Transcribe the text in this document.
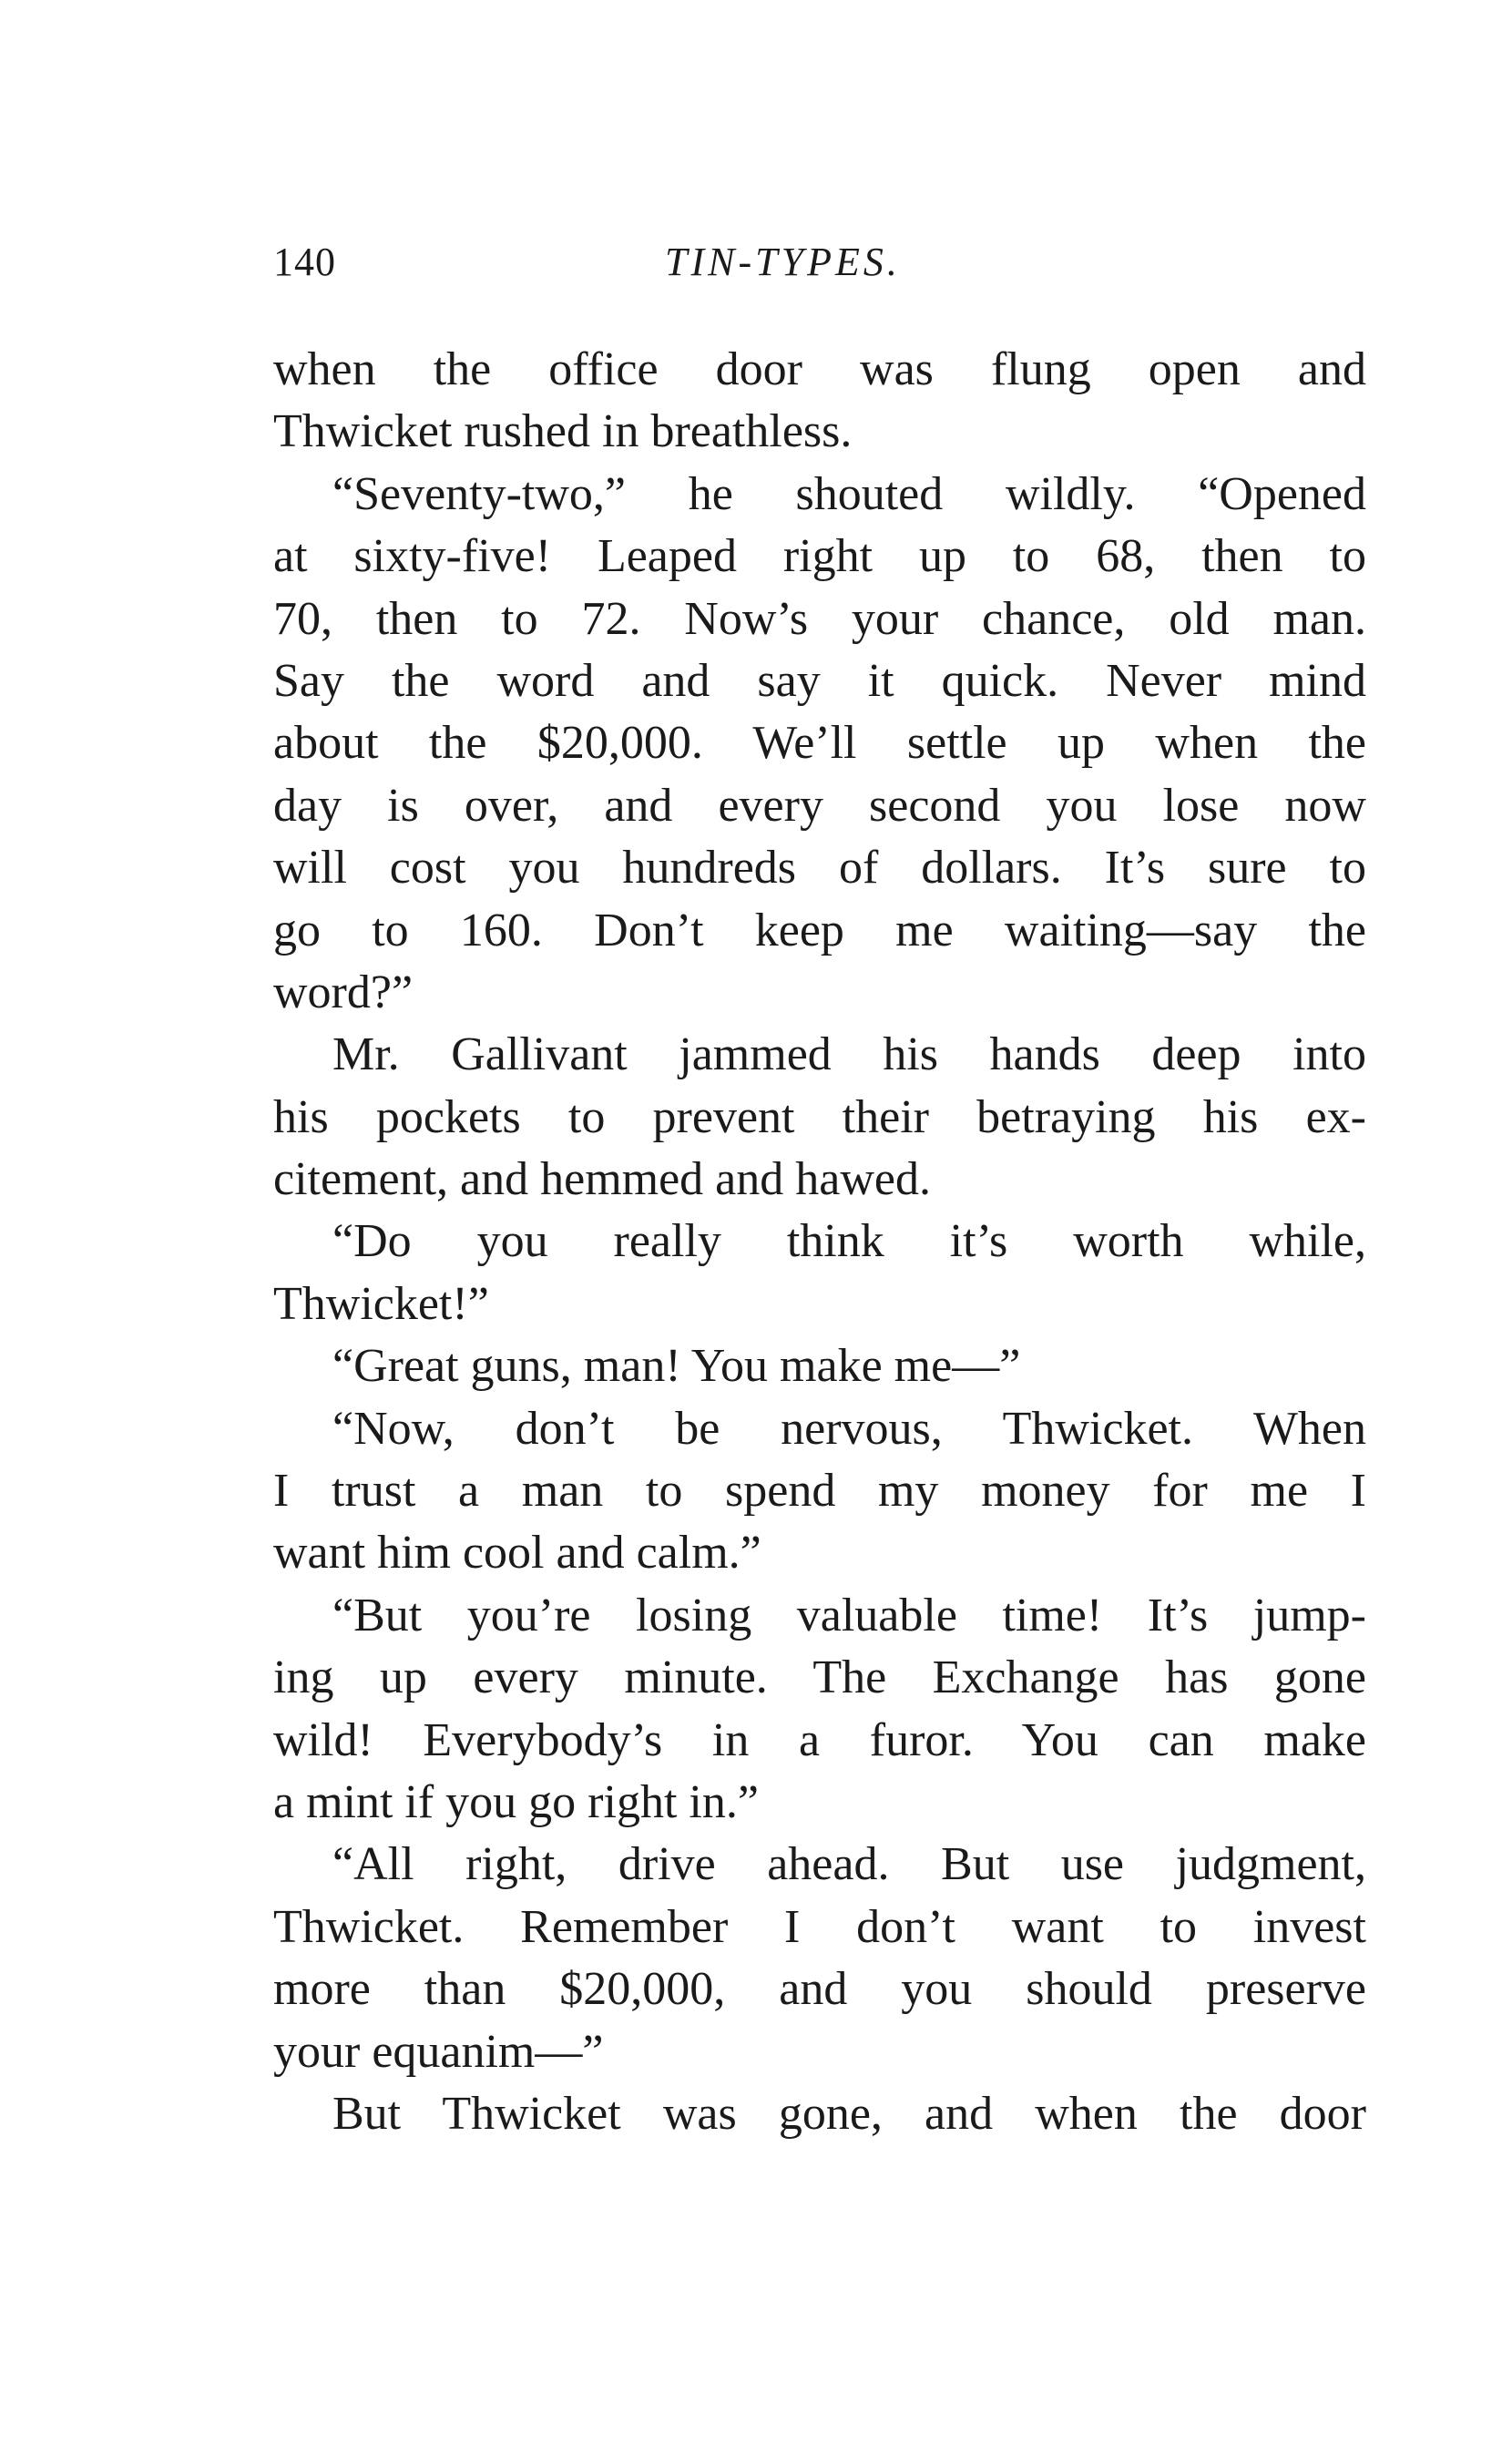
140	TIN-TYPES.
when the office door was flung open and
Thwicket rushed in breathless.
“Seventy-two,” he shouted wildly. “Opened
at sixty-five! Leaped right up to 68, then to
70, then to 72. Now’s your chance, old man.
Say the word and say it quick. Never mind
about the $20,000. We’ll settle up when the
day is over, and every second you lose now
will cost you hundreds of dollars. It’s sure to
go to 160. Don’t keep me waiting—say the
word?”
Mr. Gallivant jammed his hands deep into
his pockets to prevent their betraying his ex-
citement, and hemmed and hawed.
“Do you really think it’s worth while,
Thwicket!”
“Great guns, man! You make me—”
“Now, don’t be nervous, Thwicket. When
I trust a man to spend my money for me I
want him cool and calm.”
“But you’re losing valuable time! It’s jump-
ing up every minute. The Exchange has gone
wild! Everybody’s in a furor. You can make
a mint if you go right in.”
“All right, drive ahead. But use judgment,
Thwicket. Remember I don’t want to invest
more than $20,000, and you should preserve
your equanim—”
But Thwicket was gone, and when the door
